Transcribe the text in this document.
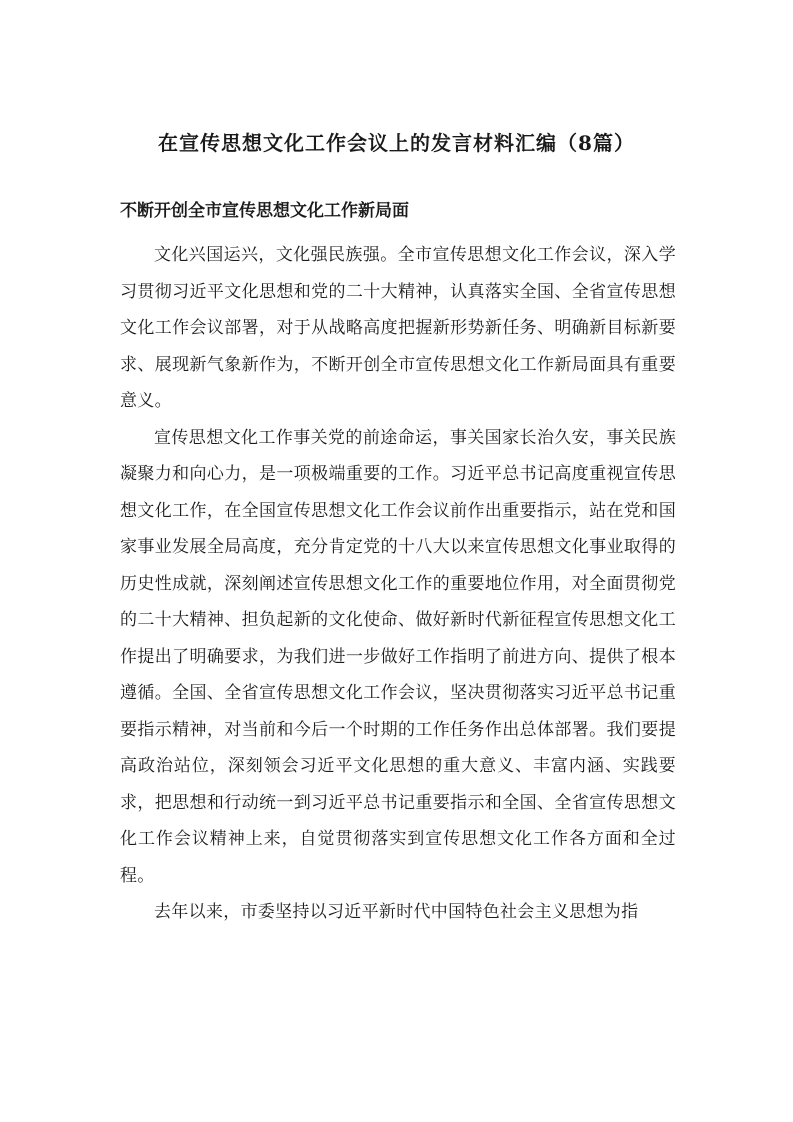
在宣传思想文化工作会议上的发言材料汇编（8篇）
不断开创全市宣传思想文化工作新局面

文化兴国运兴，文化强民族强。全市宣传思想文化工作会议，深入学习贯彻习近平文化思想和党的二十大精神，认真落实全国、全省宣传思想文化工作会议部署，对于从战略高度把握新形势新任务、明确新目标新要求、展现新气象新作为，不断开创全市宣传思想文化工作新局面具有重要意义。

宣传思想文化工作事关党的前途命运，事关国家长治久安，事关民族凝聚力和向心力，是一项极端重要的工作。习近平总书记高度重视宣传思想文化工作，在全国宣传思想文化工作会议前作出重要指示，站在党和国家事业发展全局高度，充分肯定党的十八大以来宣传思想文化事业取得的历史性成就，深刻阐述宣传思想文化工作的重要地位作用，对全面贯彻党的二十大精神、担负起新的文化使命、做好新时代新征程宣传思想文化工作提出了明确要求，为我们进一步做好工作指明了前进方向、提供了根本遵循。全国、全省宣传思想文化工作会议，坚决贯彻落实习近平总书记重要指示精神，对当前和今后一个时期的工作任务作出总体部署。我们要提高政治站位，深刻领会习近平文化思想的重大意义、丰富内涵、实践要求，把思想和行动统一到习近平总书记重要指示和全国、全省宣传思想文化工作会议精神上来，自觉贯彻落实到宣传思想文化工作各方面和全过程。

去年以来，市委坚持以习近平新时代中国特色社会主义思想为指
